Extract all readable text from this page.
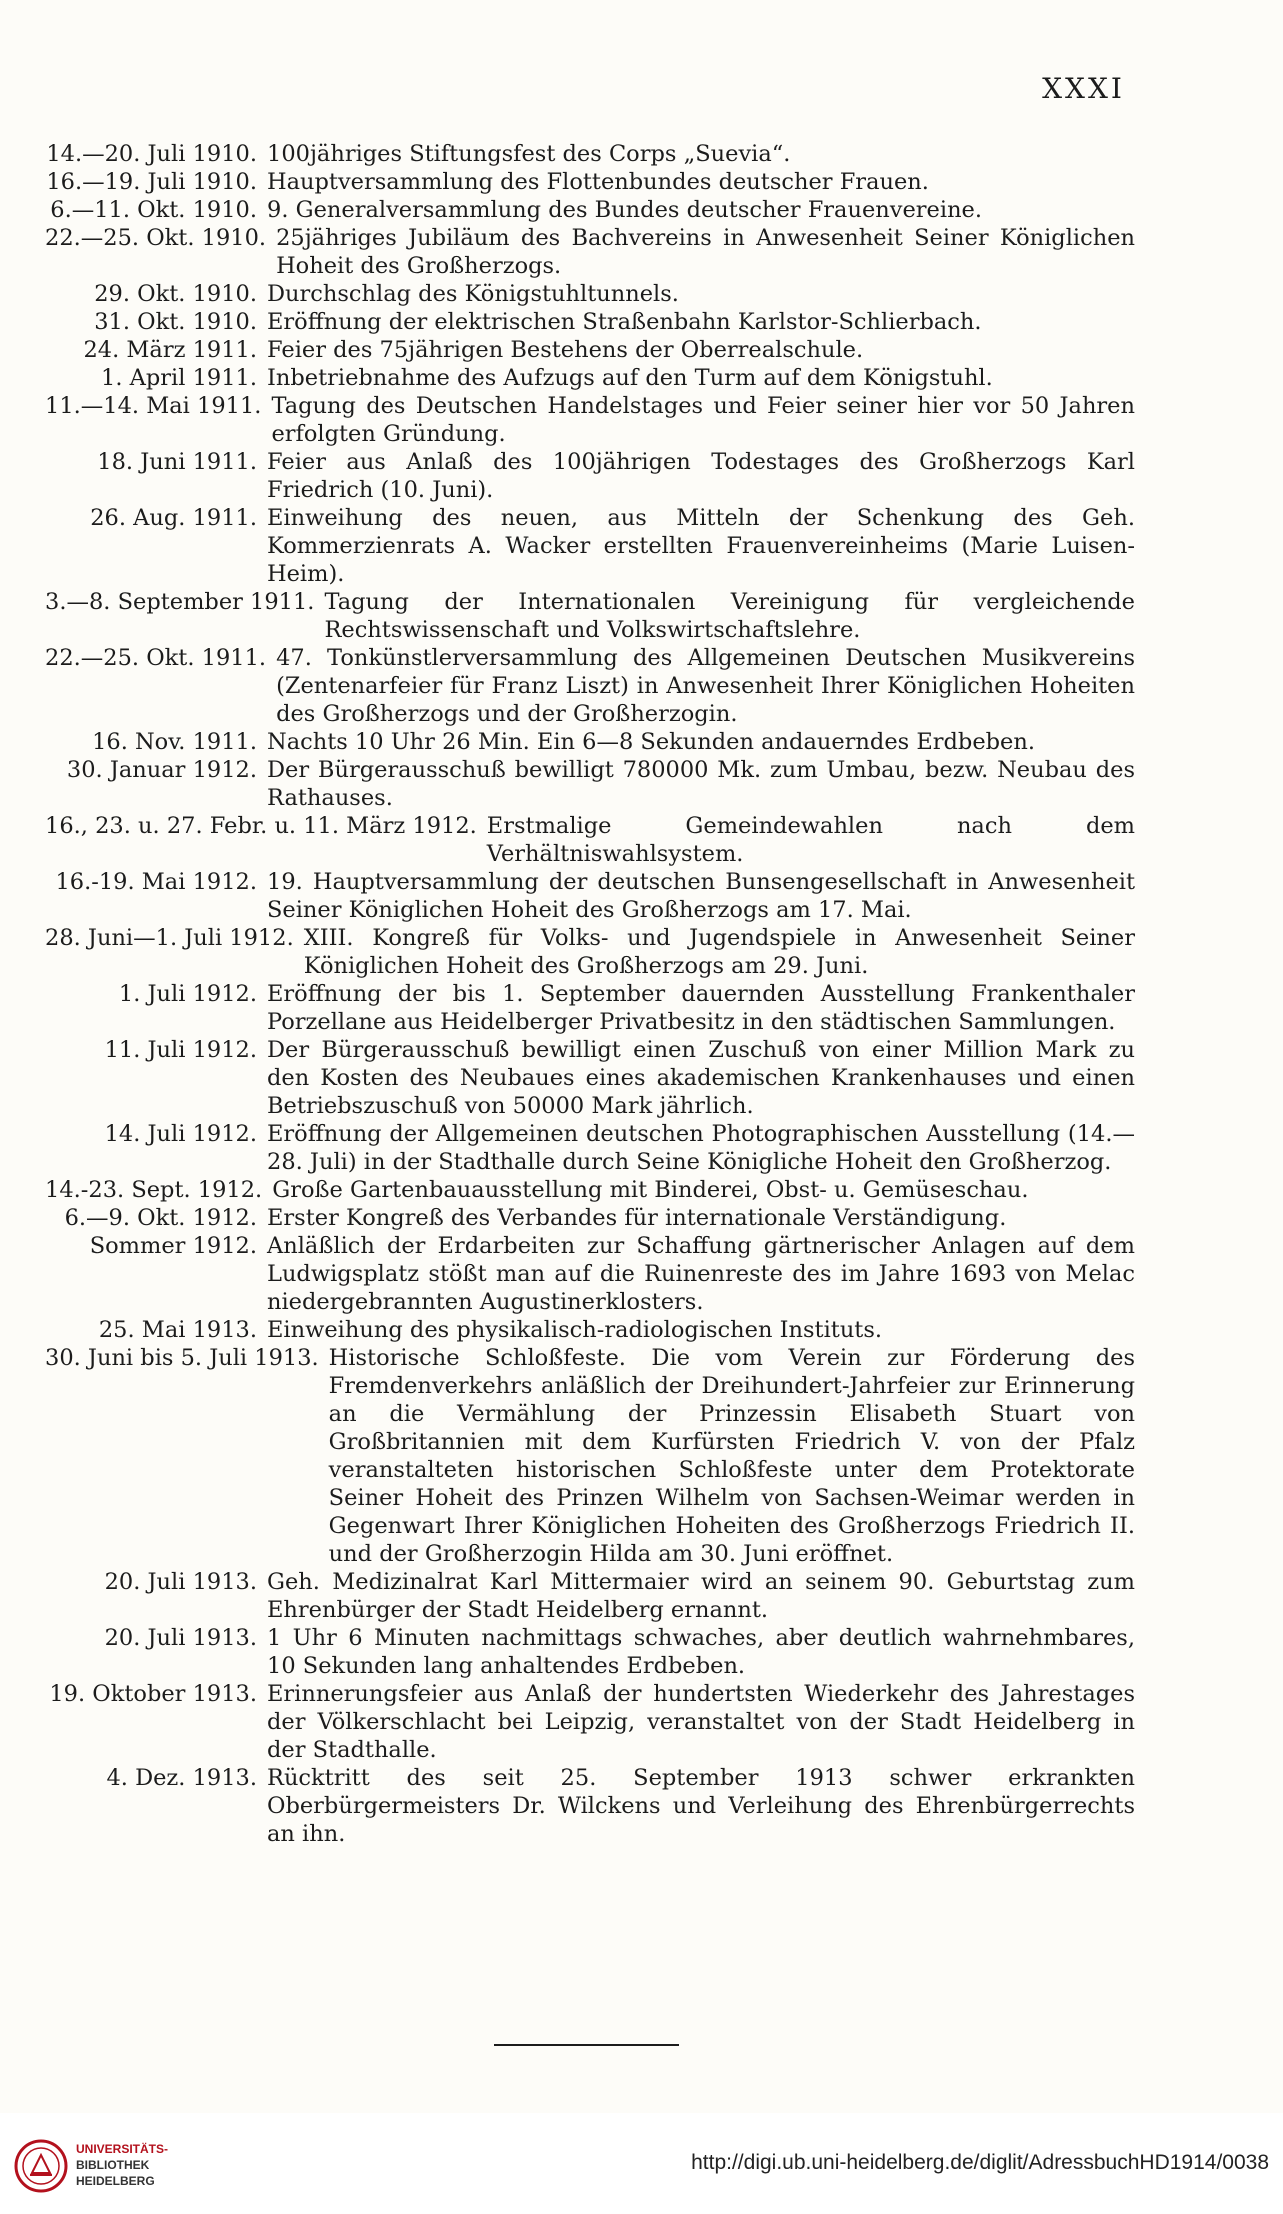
XXXI
14.—20. Juli 1910. 100jähriges Stiftungsfest des Corps „Suevia“.
16.—19. Juli 1910. Hauptversammlung des Flottenbundes deutscher Frauen.
6.—11. Okt. 1910. 9. Generalversammlung des Bundes deutscher Frauenvereine.
22.—25. Okt. 1910. 25jähriges Jubiläum des Bachvereins in Anwesenheit Seiner Königlichen Hoheit des Großherzogs.
29. Okt. 1910. Durchschlag des Königstuhltunnels.
31. Okt. 1910. Eröffnung der elektrischen Straßenbahn Karlstor-Schlierbach.
24. März 1911. Feier des 75jährigen Bestehens der Oberrealschule.
1. April 1911. Inbetriebnahme des Aufzugs auf den Turm auf dem Königstuhl.
11.—14. Mai 1911. Tagung des Deutschen Handelstages und Feier seiner hier vor 50 Jahren erfolgten Gründung.
18. Juni 1911. Feier aus Anlaß des 100jährigen Todestages des Großherzogs Karl Friedrich (10. Juni).
26. Aug. 1911. Einweihung des neuen, aus Mitteln der Schenkung des Geh. Kommerzienrats A. Wacker erstellten Frauenvereinheims (Marie Luisen-Heim).
3.—8. September 1911. Tagung der Internationalen Vereinigung für vergleichende Rechtswissenschaft und Volkswirtschaftslehre.
22.—25. Okt. 1911. 47. Tonkünstlerversammlung des Allgemeinen Deutschen Musikvereins (Zentenarfeier für Franz Liszt) in Anwesenheit Ihrer Königlichen Hoheiten des Großherzogs und der Großherzogin.
16. Nov. 1911. Nachts 10 Uhr 26 Min. Ein 6—8 Sekunden andauerndes Erdbeben.
30. Januar 1912. Der Bürgerausschuß bewilligt 780000 Mk. zum Umbau, bezw. Neubau des Rathauses.
16., 23. u. 27. Febr. u. 11. März 1912. Erstmalige Gemeindewahlen nach dem Verhältniswahlsystem.
16.-19. Mai 1912. 19. Hauptversammlung der deutschen Bunsengesellschaft in Anwesenheit Seiner Königlichen Hoheit des Großherzogs am 17. Mai.
28. Juni—1. Juli 1912. XIII. Kongreß für Volks- und Jugendspiele in Anwesenheit Seiner Königlichen Hoheit des Großherzogs am 29. Juni.
1. Juli 1912. Eröffnung der bis 1. September dauernden Ausstellung Frankenthaler Porzellane aus Heidelberger Privatbesitz in den städtischen Sammlungen.
11. Juli 1912. Der Bürgerausschuß bewilligt einen Zuschuß von einer Million Mark zu den Kosten des Neubaues eines akademischen Krankenhauses und einen Betriebszuschuß von 50000 Mark jährlich.
14. Juli 1912. Eröffnung der Allgemeinen deutschen Photographischen Ausstellung (14.—28. Juli) in der Stadthalle durch Seine Königliche Hoheit den Großherzog.
14.-23. Sept. 1912. Große Gartenbauausstellung mit Binderei, Obst- u. Gemüseschau.
6.—9. Okt. 1912. Erster Kongreß des Verbandes für internationale Verständigung.
Sommer 1912. Anläßlich der Erdarbeiten zur Schaffung gärtnerischer Anlagen auf dem Ludwigsplatz stößt man auf die Ruinenreste des im Jahre 1693 von Melac niedergebrannten Augustinerklosters.
25. Mai 1913. Einweihung des physikalisch-radiologischen Instituts.
30. Juni bis 5. Juli 1913. Historische Schloßfeste. Die vom Verein zur Förderung des Fremdenverkehrs anläßlich der Dreihundert-Jahrfeier zur Erinnerung an die Vermählung der Prinzessin Elisabeth Stuart von Großbritannien mit dem Kurfürsten Friedrich V. von der Pfalz veranstalteten historischen Schloßfeste unter dem Protektorate Seiner Hoheit des Prinzen Wilhelm von Sachsen-Weimar werden in Gegenwart Ihrer Königlichen Hoheiten des Großherzogs Friedrich II. und der Großherzogin Hilda am 30. Juni eröffnet.
20. Juli 1913. Geh. Medizinalrat Karl Mittermaier wird an seinem 90. Geburtstag zum Ehrenbürger der Stadt Heidelberg ernannt.
20. Juli 1913. 1 Uhr 6 Minuten nachmittags schwaches, aber deutlich wahrnehmbares, 10 Sekunden lang anhaltendes Erdbeben.
19. Oktober 1913. Erinnerungsfeier aus Anlaß der hundertsten Wiederkehr des Jahrestages der Völkerschlacht bei Leipzig, veranstaltet von der Stadt Heidelberg in der Stadthalle.
4. Dez. 1913. Rücktritt des seit 25. September 1913 schwer erkrankten Oberbürgermeisters Dr. Wilckens und Verleihung des Ehrenbürgerrechts an ihn.
UNIVERSITÄTS-
BIBLIOTHEK
HEIDELBERG
http://digi.ub.uni-heidelberg.de/diglit/AdressbuchHD1914/0038
